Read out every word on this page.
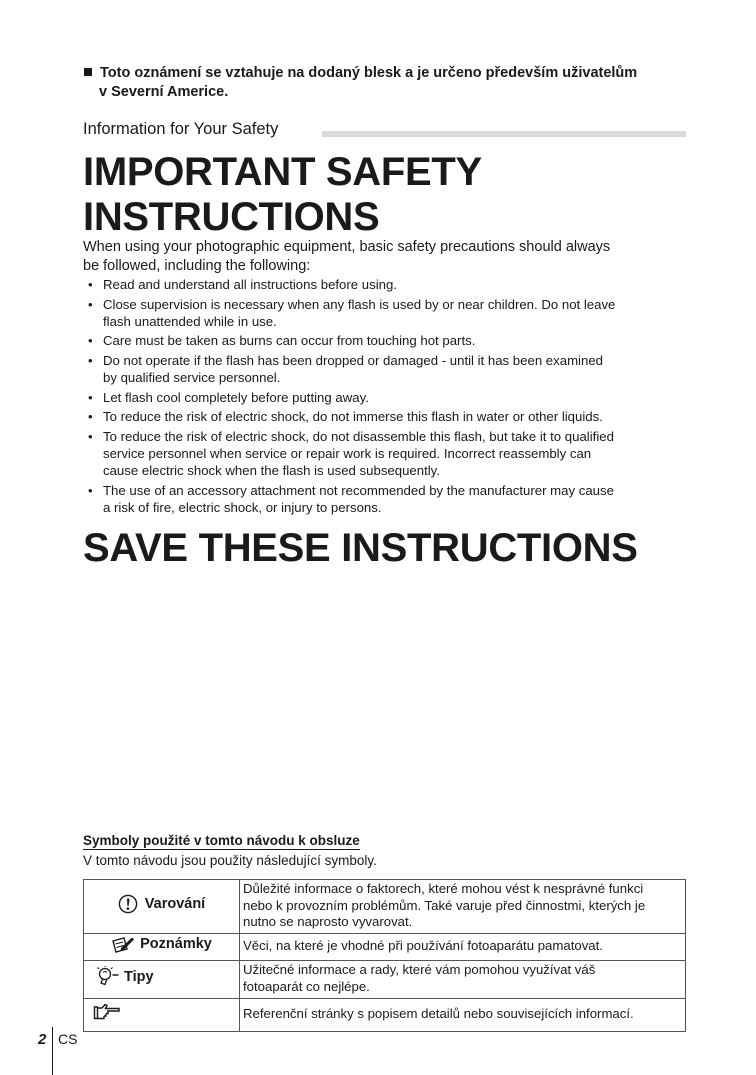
Toto oznámení se vztahuje na dodaný blesk a je určeno především uživatelům
v Severní Americe.
Information for Your Safety
IMPORTANT SAFETY
INSTRUCTIONS
When using your photographic equipment, basic safety precautions should always
be followed, including the following:
• Read and understand all instructions before using.
• Close supervision is necessary when any flash is used by or near children. Do not leave
flash unattended while in use.
• Care must be taken as burns can occur from touching hot parts.
• Do not operate if the flash has been dropped or damaged - until it has been examined
by qualified service personnel.
• Let flash cool completely before putting away.
• To reduce the risk of electric shock, do not immerse this flash in water or other liquids.
• To reduce the risk of electric shock, do not disassemble this flash, but take it to qualified
service personnel when service or repair work is required. Incorrect reassembly can
cause electric shock when the flash is used subsequently.
• The use of an accessory attachment not recommended by the manufacturer may cause
a risk of fire, electric shock, or injury to persons.
SAVE THESE INSTRUCTIONS
Symboly použité v tomto návodu k obsluze
V tomto návodu jsou použity následující symboly.
Varování	Důležité informace o faktorech, které mohou vést k nesprávné funkci
nebo k provozním problémům. Také varuje před činnostmi, kterých je
nutno se naprosto vyvarovat.

Poznámky	Věci, na které je vhodné při používání fotoaparátu pamatovat.

Tipy	Užitečné informace a rady, které vám pomohou využívat váš
fotoaparát co nejlépe.

Referenční stránky s popisem detailů nebo souvisejících informací.
2 CS
